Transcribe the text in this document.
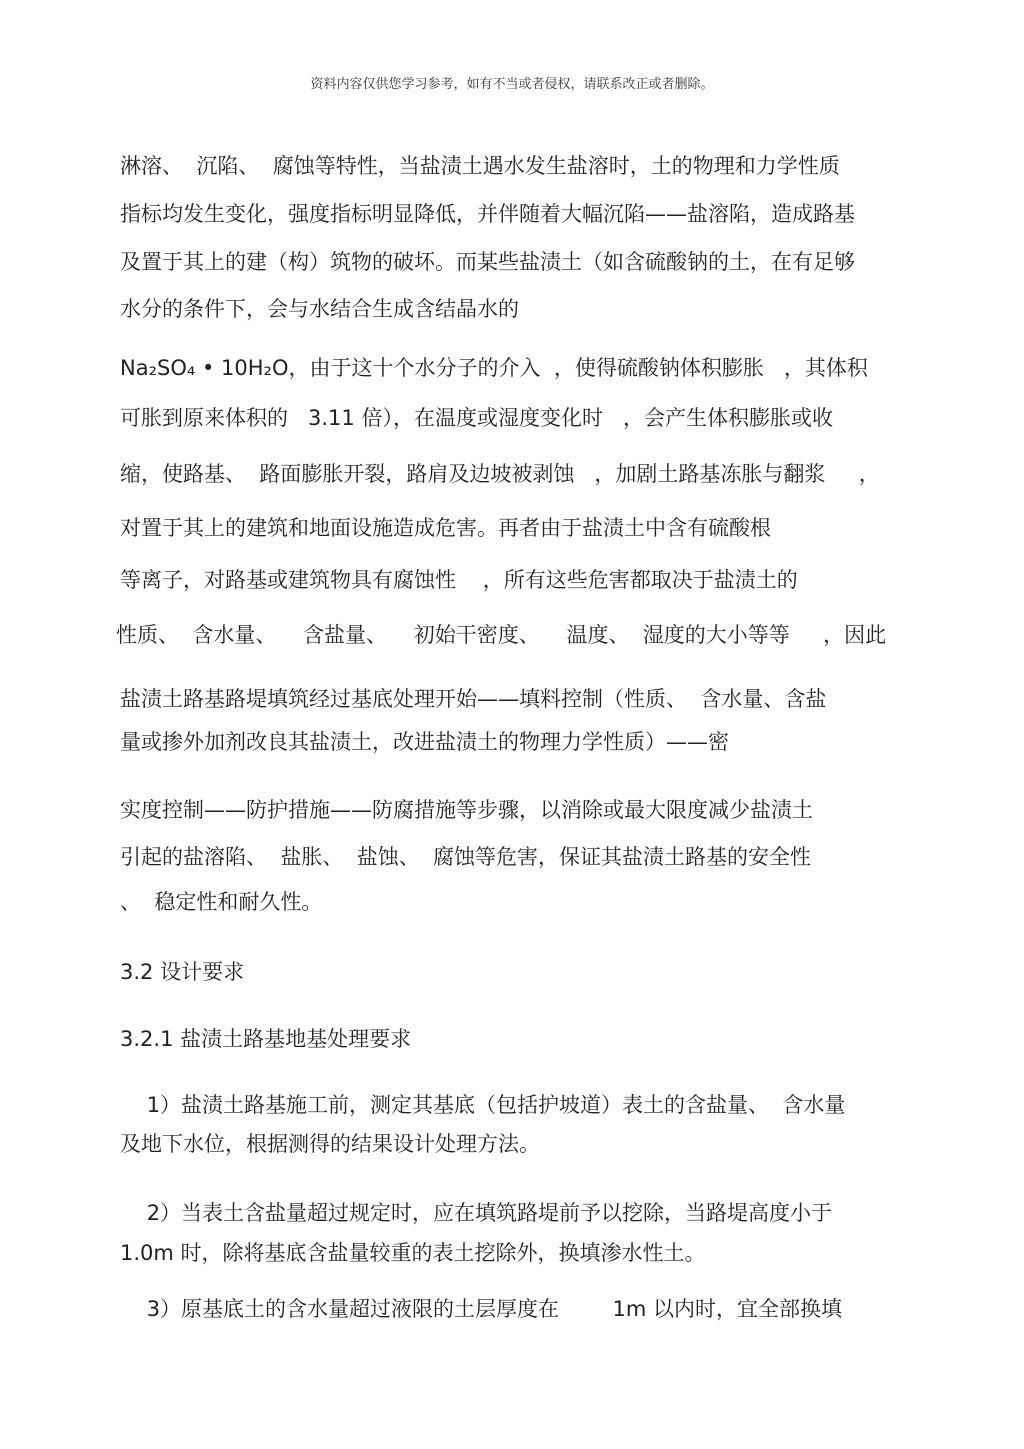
资料内容仅供您学习参考，如有不当或者侵权，请联系改正或者删除。
淋溶、  沉陷、  腐蚀等特性，当盐渍土遇水发生盐溶时，土的物理和力学性质
指标均发生变化，强度指标明显降低，并伴随着大幅沉陷——盐溶陷，造成路基
及置于其上的建（构）筑物的破坏。而某些盐渍土（如含硫酸钠的土，在有足够
水分的条件下，会与水结合生成含结晶水的
Na₂SO₄ • 10H₂O，由于这十个水分子的介入  ，使得硫酸钠体积膨胀   ，其体积
可胀到原来体积的   3.11 倍），在温度或湿度变化时   ，会产生体积膨胀或收
缩，使路基、  路面膨胀开裂，路肩及边坡被剥蚀   ，加剧土路基冻胀与翻浆     ，
对置于其上的建筑和地面设施造成危害。再者由于盐渍土中含有硫酸根
等离子，对路基或建筑物具有腐蚀性    ，所有这些危害都取决于盐渍土的
性质、  含水量、    含盐量、    初始干密度、    温度、  湿度的大小等等     ，因此
盐渍土路基路堤填筑经过基底处理开始——填料控制（性质、  含水量、含盐
量或掺外加剂改良其盐渍土，改进盐渍土的物理力学性质）——密
实度控制——防护措施——防腐措施等步骤，以消除或最大限度减少盐渍土
引起的盐溶陷、  盐胀、  盐蚀、  腐蚀等危害，保证其盐渍土路基的安全性
、  稳定性和耐久性。
3.2 设计要求
3.2.1 盐渍土路基地基处理要求
1）盐渍土路基施工前，测定其基底（包括护坡道）表土的含盐量、  含水量
及地下水位，根据测得的结果设计处理方法。
2）当表土含盐量超过规定时，应在填筑路堤前予以挖除，当路堤高度小于
1.0m 时，除将基底含盐量较重的表土挖除外，换填渗水性土。
3）原基底土的含水量超过液限的土层厚度在        1m 以内时，宜全部换填
